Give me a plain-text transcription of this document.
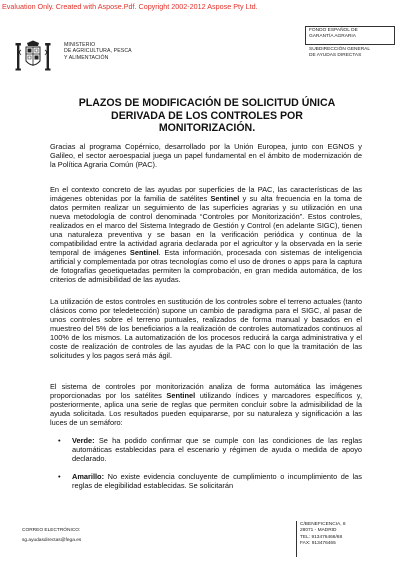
Evaluation Only. Created with Aspose.Pdf. Copyright 2002-2012 Aspose Pty Ltd.
MINISTERIO
DE AGRICULTURA, PESCA
Y ALIMENTACIÓN
FONDO ESPAÑOL DE
GARANTÍA AGRARIA
SUBDIRECCIÓN GENERAL
DE AYUDAS DIRECTAS
PLAZOS DE MODIFICACIÓN DE SOLICITUD ÚNICA
DERIVADA DE LOS CONTROLES POR
MONITORIZACIÓN.
Gracias al programa Copérnico, desarrollado por la Unión Europea, junto con EGNOS y Galileo, el sector aeroespacial juega un papel fundamental en el ámbito de modernización de la Política Agraria Común (PAC).
En el contexto concreto de las ayudas por superficies de la PAC, las características de las imágenes obtenidas por la familia de satélites Sentinel y su alta frecuencia en la toma de datos permiten realizar un seguimiento de las superficies agrarias y su utilización en una nueva metodología de control denominada “Controles por Monitorización”. Estos controles, realizados en el marco del Sistema Integrado de Gestión y Control (en adelante SIGC), tienen una naturaleza preventiva y se basan en la verificación periódica y continua de la compatibilidad entre la actividad agraria declarada por el agricultor y la observada en la serie temporal de imágenes Sentinel. Esta información, procesada con sistemas de inteligencia artificial y complementada por otras tecnologías como el uso de drones o apps para la captura de fotografías geoetiquetadas permiten la comprobación, en gran medida automática, de los criterios de admisibilidad de las ayudas.
La utilización de estos controles en sustitución de los controles sobre el terreno actuales (tanto clásicos como por teledetección) supone un cambio de paradigma para el SIGC, al pasar de unos controles sobre el terreno puntuales, realizados de forma manual y basados en el muestreo del 5% de los beneficiarios a la realización de controles automatizados continuos al 100% de los mismos. La automatización de los procesos reducirá la carga administrativa y el coste de realización de controles de las ayudas de la PAC con lo que la tramitación de las solicitudes y los pagos será más ágil.
El sistema de controles por monitorización analiza de forma automática las imágenes proporcionadas por los satélites Sentinel utilizando índices y marcadores específicos y, posteriormente, aplica una serie de reglas que permiten concluir sobre la admisibilidad de la ayuda solicitada. Los resultados pueden equipararse, por su naturaleza y significación a las luces de un semáforo:
• Verde: Se ha podido confirmar que se cumple con las condiciones de las reglas automáticas establecidas para el escenario y régimen de ayuda o medida de apoyo declarado.
• Amarillo: No existe evidencia concluyente de cumplimiento o incumplimiento de las reglas de elegibilidad establecidas. Se solicitarán
CORREO ELECTRÓNICO:
sg.ayudasdirectas@fega.es
C/BENEFICENCIA, 8
28071 - MADRID
TEL: 913476466/68
FAX: 913476465
